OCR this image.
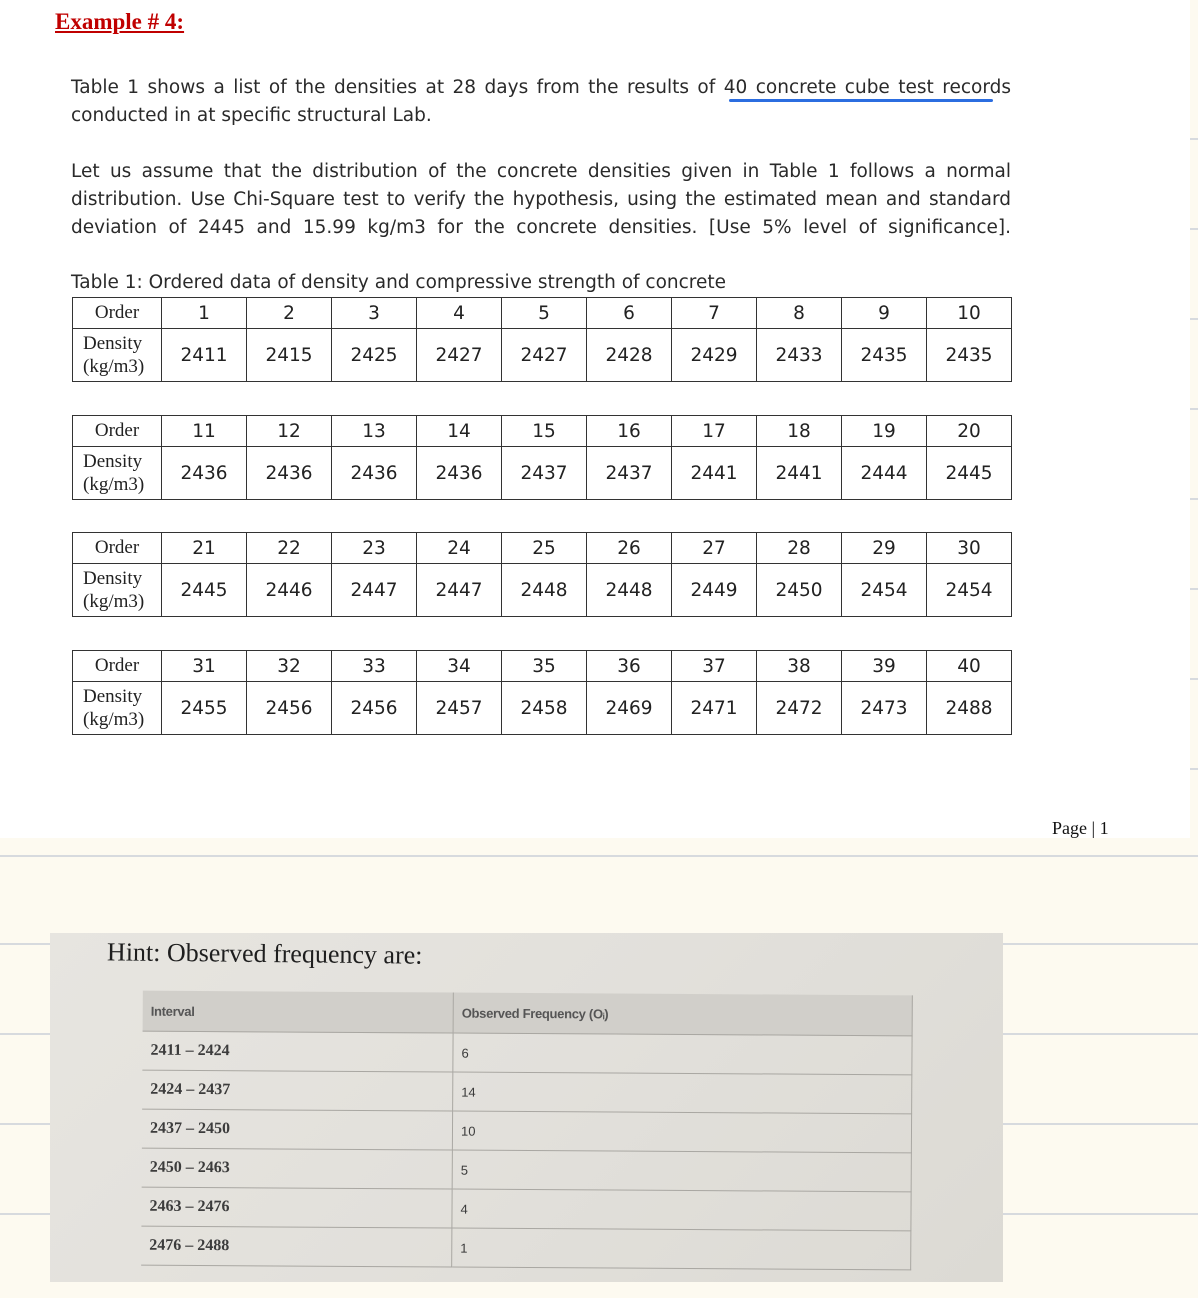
Example # 4:

Table 1 shows a list of the densities at 28 days from the results of 40 concrete cube test records conducted in at specific structural Lab.

Let us assume that the distribution of the concrete densities given in Table 1 follows a normal distribution. Use Chi-Square test to verify the hypothesis, using the estimated mean and standard deviation of 2445 and 15.99 kg/m3 for the concrete densities. [Use 5% level of significance].

Table 1: Ordered data of density and compressive strength of concrete
Order	1	2	3	4	5	6	7	8	9	10
Density
(kg/m3)	2411	2415	2425	2427	2427	2428	2429	2433	2435	2435
Order	11	12	13	14	15	16	17	18	19	20
Density
(kg/m3)	2436	2436	2436	2436	2437	2437	2441	2441	2444	2445
Order	21	22	23	24	25	26	27	28	29	30
Density
(kg/m3)	2445	2446	2447	2447	2448	2448	2449	2450	2454	2454
Order	31	32	33	34	35	36	37	38	39	40
Density
(kg/m3)	2455	2456	2456	2457	2458	2469	2471	2472	2473	2488
Page | 1
Hint: Observed frequency are:
Interval	Observed Frequency (Oᵢ)
2411 – 2424	6
2424 – 2437	14
2437 – 2450	10
2450 – 2463	5
2463 – 2476	4
2476 – 2488	1
